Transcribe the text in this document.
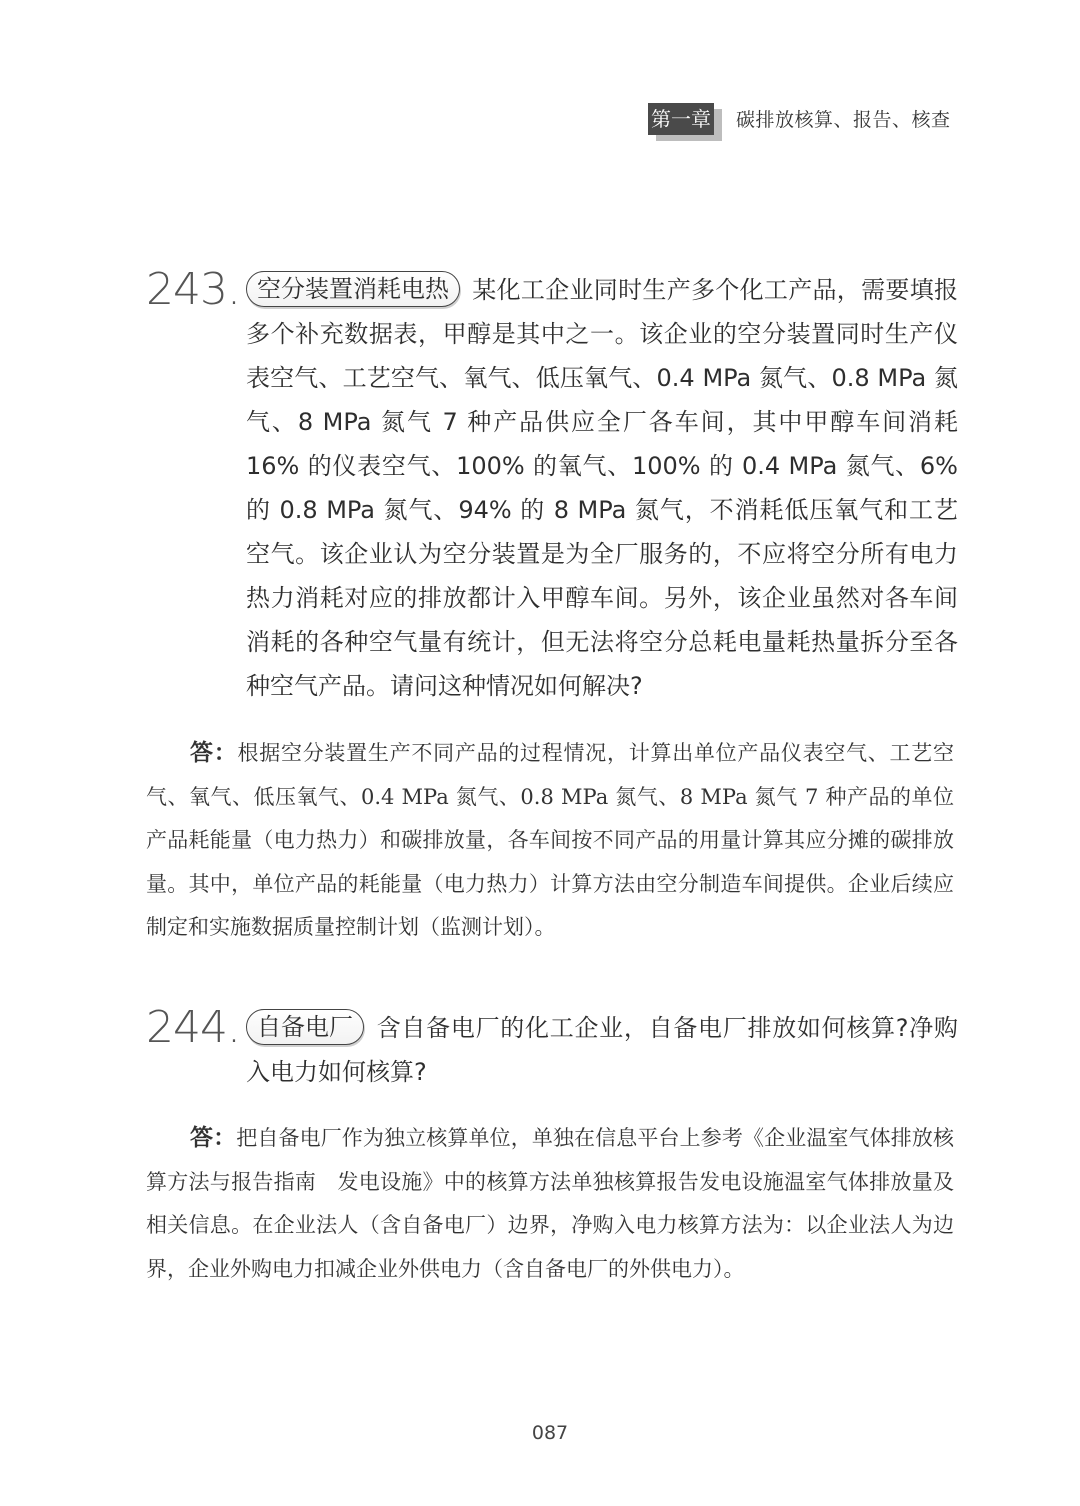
第一章 碳排放核算、报告、核查
243. 空分装置消耗电热 某化工企业同时生产多个化工产品，需要填报多个补充数据表，甲醇是其中之一。该企业的空分装置同时生产仪表空气、工艺空气、氧气、低压氧气、0.4 MPa 氮气、0.8 MPa 氮气、8 MPa 氮气 7 种产品供应全厂各车间，其中甲醇车间消耗 16% 的仪表空气、100% 的氧气、100% 的 0.4 MPa 氮气、6% 的 0.8 MPa 氮气、94% 的 8 MPa 氮气，不消耗低压氧气和工艺空气。该企业认为空分装置是为全厂服务的，不应将空分所有电力热力消耗对应的排放都计入甲醇车间。另外，该企业虽然对各车间消耗的各种空气量有统计，但无法将空分总耗电量耗热量拆分至各种空气产品。请问这种情况如何解决?
答：根据空分装置生产不同产品的过程情况，计算出单位产品仪表空气、工艺空气、氧气、低压氧气、0.4 MPa 氮气、0.8 MPa 氮气、8 MPa 氮气 7 种产品的单位产品耗能量（电力热力）和碳排放量，各车间按不同产品的用量计算其应分摊的碳排放量。其中，单位产品的耗能量（电力热力）计算方法由空分制造车间提供。企业后续应制定和实施数据质量控制计划（监测计划）。
244. 自备电厂 含自备电厂的化工企业，自备电厂排放如何核算?净购入电力如何核算?
答：把自备电厂作为独立核算单位，单独在信息平台上参考《企业温室气体排放核算方法与报告指南　发电设施》中的核算方法单独核算报告发电设施温室气体排放量及相关信息。在企业法人（含自备电厂）边界，净购入电力核算方法为：以企业法人为边界，企业外购电力扣减企业外供电力（含自备电厂的外供电力）。
087
